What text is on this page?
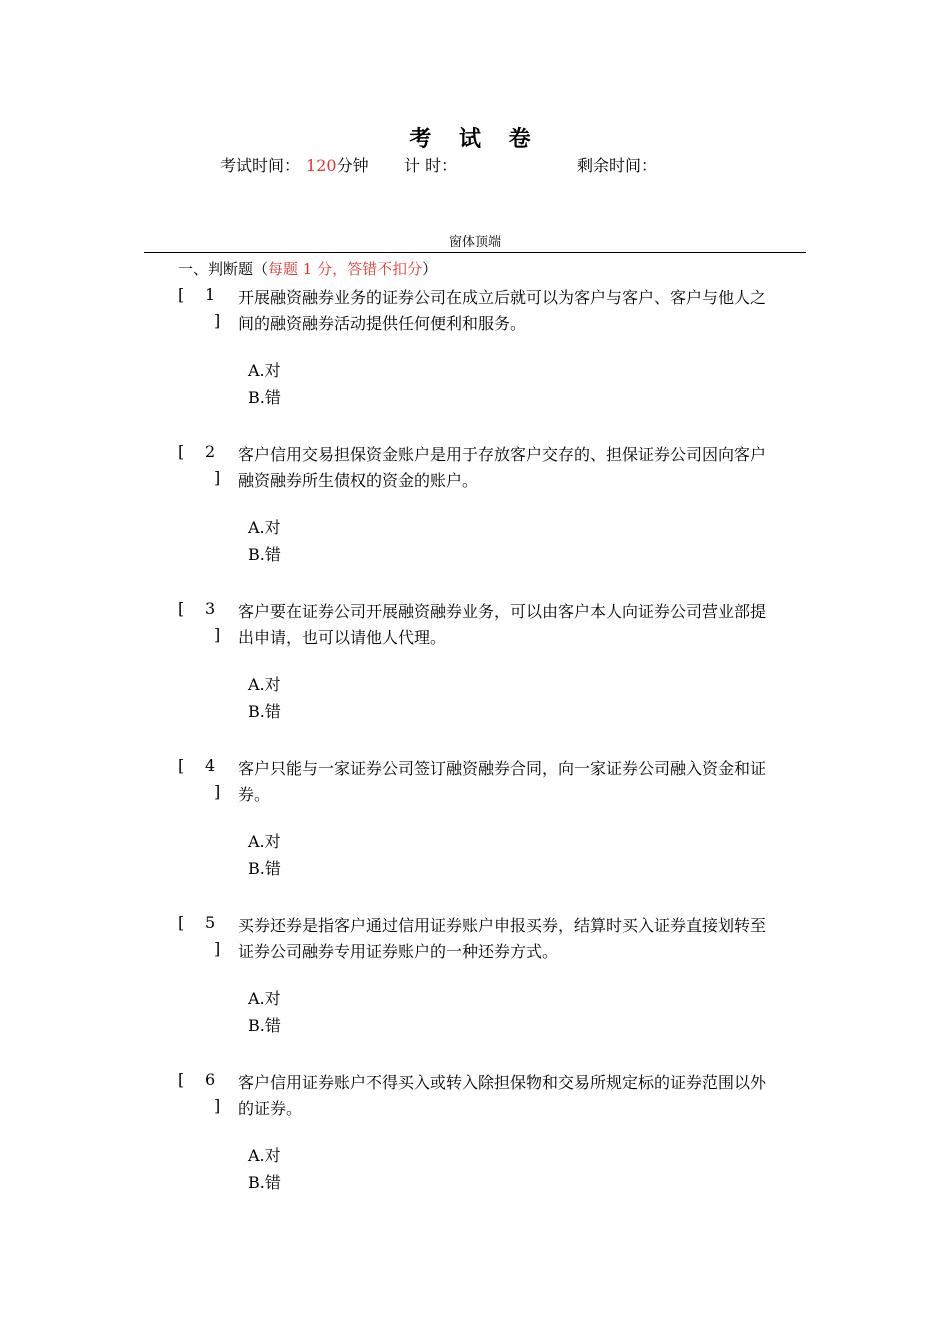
考 试 卷
考试时间： 120分钟 计 时：	剩余时间：
窗体顶端
一、判断题（每题 1 分，答错不扣分）
[ 1
]
开展融资融券业务的证券公司在成立后就可以为客户与客户、客户与他人之间的融资融券活动提供任何便利和服务。
A.对
B.错
[ 2
]
客户信用交易担保资金账户是用于存放客户交存的、担保证券公司因向客户融资融券所生债权的资金的账户。
A.对
B.错
[ 3
]
客户要在证券公司开展融资融券业务，可以由客户本人向证券公司营业部提出申请，也可以请他人代理。
A.对
B.错
[ 4
]
客户只能与一家证券公司签订融资融券合同，向一家证券公司融入资金和证券。
A.对
B.错
[ 5
]
买券还券是指客户通过信用证券账户申报买券，结算时买入证券直接划转至证券公司融券专用证券账户的一种还券方式。
A.对
B.错
[ 6
]
客户信用证券账户不得买入或转入除担保物和交易所规定标的证券范围以外的证券。
A.对
B.错
